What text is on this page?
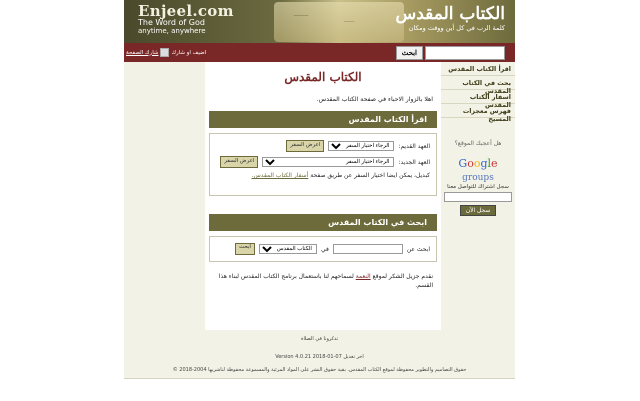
ـــــــ
ـــــ
Enjeel.com
The Word of God
anytime, anywhere
الكتاب المقدس
كلمة الرب في كل أين ووقت ومكان
شارك الصفحة اضيف او شارك	ابحث
اقرأ الكتاب المقدس
بحث في الكتاب المقدس
اسفار الكتاب المقدس
فهرس معجزات المسيح
هل أعجبك الموقع؟
Google groups
سجل اشتراك للتواصل معنا
سجل الآن
الكتاب المقدس
اهلا بالزوار الاحباء في صفحة الكتاب المقدس.
اقرأ الكتاب المقدس
العهد القديم:
الرجاء اختيار السفر
اعرض السفر
العهد الجديد:
الرجاء اختيار السفر
اعرض السفر
كبديل، يمكن ايضا اختيار السفر عن طريق صفحة أسفار الكتاب المقدس.
ابحث في الكتاب المقدس
ابحث عن
في
الكتاب المقدس
ابحث
نقدم جزيل الشكر لموقع النعمة لسماحهم لنا باستعمال برنامج الكتاب المقدس لبناء هذا القسم.
تذكرونا في الصلاة
Version 4.0.21 اخر تعديل 07-01-2018
© 2018-2004 حقوق التصاميم والتطوير محفوظة لموقع الكتاب المقدس. بقية حقوق النشر على المواد المرئية والمسموعة محفوظة لناشريها
